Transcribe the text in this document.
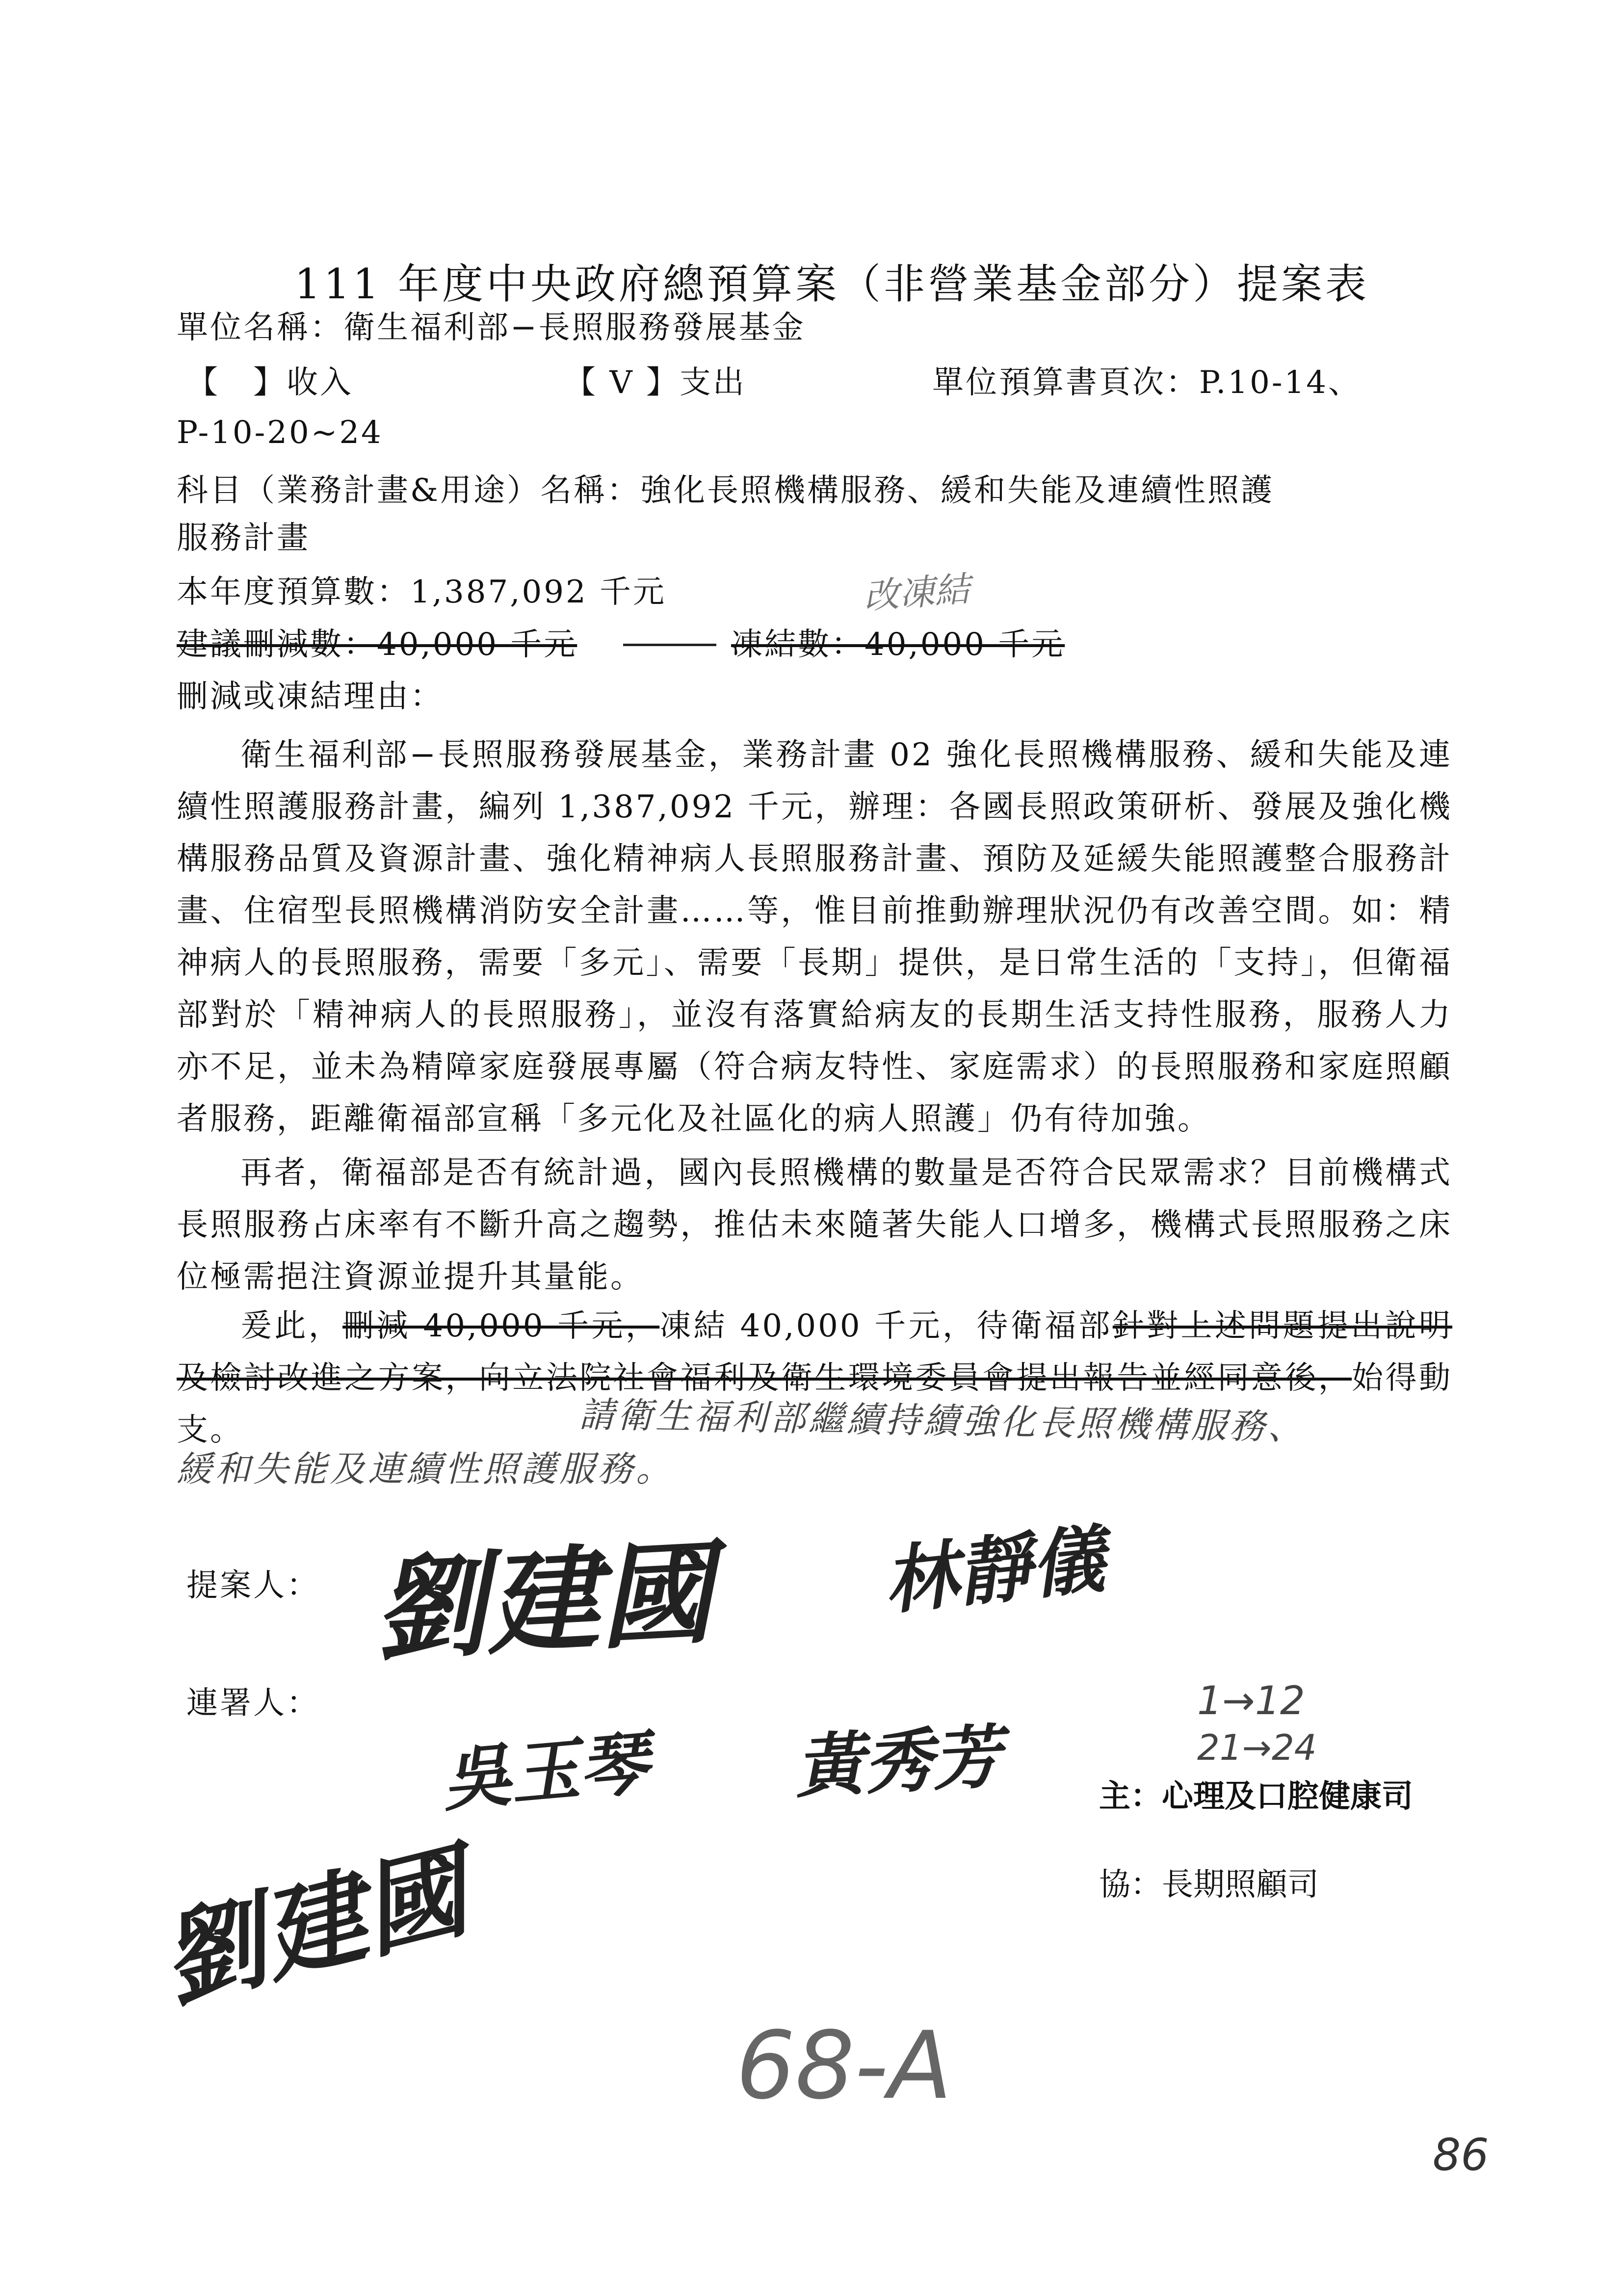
111 年度中央政府總預算案（非營業基金部分）提案表
單位名稱：衛生福利部−長照服務發展基金
【　】收入	【 V 】支出	單位預算書頁次：P.10-14、
P-10-20~24
科目（業務計畫&用途）名稱：強化長照機構服務、緩和失能及連續性照護
服務計畫
本年度預算數：1,387,092 千元	改凍結
建議刪減數：40,000 千元	凍結數：40,000 千元
刪減或凍結理由：

衛生福利部−長照服務發展基金，業務計畫 02 強化長照機構服務、緩和失能及連續性照護服務計畫，編列 1,387,092 千元，辦理：各國長照政策研析、發展及強化機構服務品質及資源計畫、強化精神病人長照服務計畫、預防及延緩失能照護整合服務計畫、住宿型長照機構消防安全計畫……等，惟目前推動辦理狀況仍有改善空間。如：精神病人的長照服務，需要「多元」、需要「長期」提供，是日常生活的「支持」，但衛福部對於「精神病人的長照服務」，並沒有落實給病友的長期生活支持性服務，服務人力亦不足，並未為精障家庭發展專屬（符合病友特性、家庭需求）的長照服務和家庭照顧者服務，距離衛福部宣稱「多元化及社區化的病人照護」仍有待加強。

再者，衛福部是否有統計過，國內長照機構的數量是否符合民眾需求？目前機構式長照服務占床率有不斷升高之趨勢，推估未來隨著失能人口增多，機構式長照服務之床位極需挹注資源並提升其量能。

爰此，刪減 40,000 千元，凍結 40,000 千元，待衛福部針對上述問題提出說明及檢討改進之方案，向立法院社會福利及衛生環境委員會提出報告並經同意後，始得動支。	請衛生福利部繼續持續強化長照機構服務、
緩和失能及連續性照護服務。
提案人： 劉建國 林靜儀
連署人：
吳玉琴 黃秀芳
劉建國
1→12
21→24
主：心理及口腔健康司
協：長期照顧司
68-A
86
